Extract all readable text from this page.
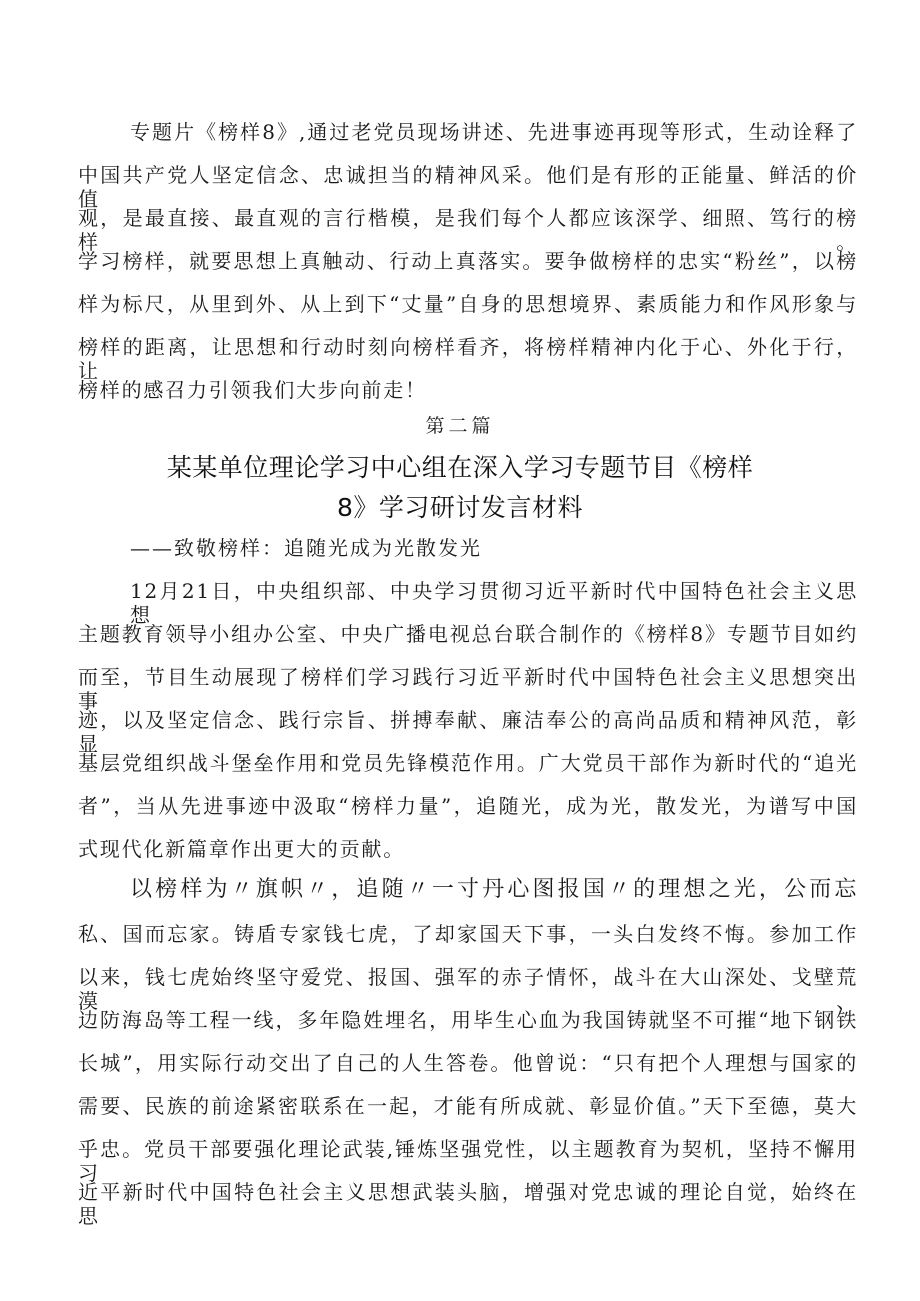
专题片《榜样8》,通过老党员现场讲述、先进事迹再现等形式，生动诠释了
中国共产党人坚定信念、忠诚担当的精神风采。他们是有形的正能量、鲜活的价值
观，是最直接、最直观的言行楷模，是我们每个人都应该深学、细照、笃行的榜样。
学习榜样，就要思想上真触动、行动上真落实。要争做榜样的忠实“粉丝”，以榜
样为标尺，从里到外、从上到下“丈量”自身的思想境界、素质能力和作风形象与
榜样的距离，让思想和行动时刻向榜样看齐，将榜样精神内化于心、外化于行，让
榜样的感召力引领我们大步向前走！
第二篇
某某单位理论学习中心组在深入学习专题节目《榜样
8》学习研讨发言材料
——致敬榜样：追随光成为光散发光
12月21日，中央组织部、中央学习贯彻习近平新时代中国特色社会主义思想
主题教育领导小组办公室、中央广播电视总台联合制作的《榜样8》专题节目如约
而至，节目生动展现了榜样们学习践行习近平新时代中国特色社会主义思想突出事
迹，以及坚定信念、践行宗旨、拼搏奉献、廉洁奉公的高尚品质和精神风范，彰显
基层党组织战斗堡垒作用和党员先锋模范作用。广大党员干部作为新时代的“追光
者”，当从先进事迹中汲取“榜样力量”，追随光，成为光，散发光，为谱写中国
式现代化新篇章作出更大的贡献。
以榜样为〃旗帜〃，追随〃一寸丹心图报国〃的理想之光，公而忘
私、国而忘家。铸盾专家钱七虎，了却家国天下事，一头白发终不悔。参加工作
以来，钱七虎始终坚守爱党、报国、强军的赤子情怀，战斗在大山深处、戈壁荒漠、
边防海岛等工程一线，多年隐姓埋名，用毕生心血为我国铸就坚不可摧“地下钢铁
长城”，用实际行动交出了自己的人生答卷。他曾说：“只有把个人理想与国家的
需要、民族的前途紧密联系在一起，才能有所成就、彰显价值。”天下至德，莫大
乎忠。党员干部要强化理论武装,锤炼坚强党性，以主题教育为契机，坚持不懈用习
近平新时代中国特色社会主义思想武装头脑，增强对党忠诚的理论自觉，始终在思
